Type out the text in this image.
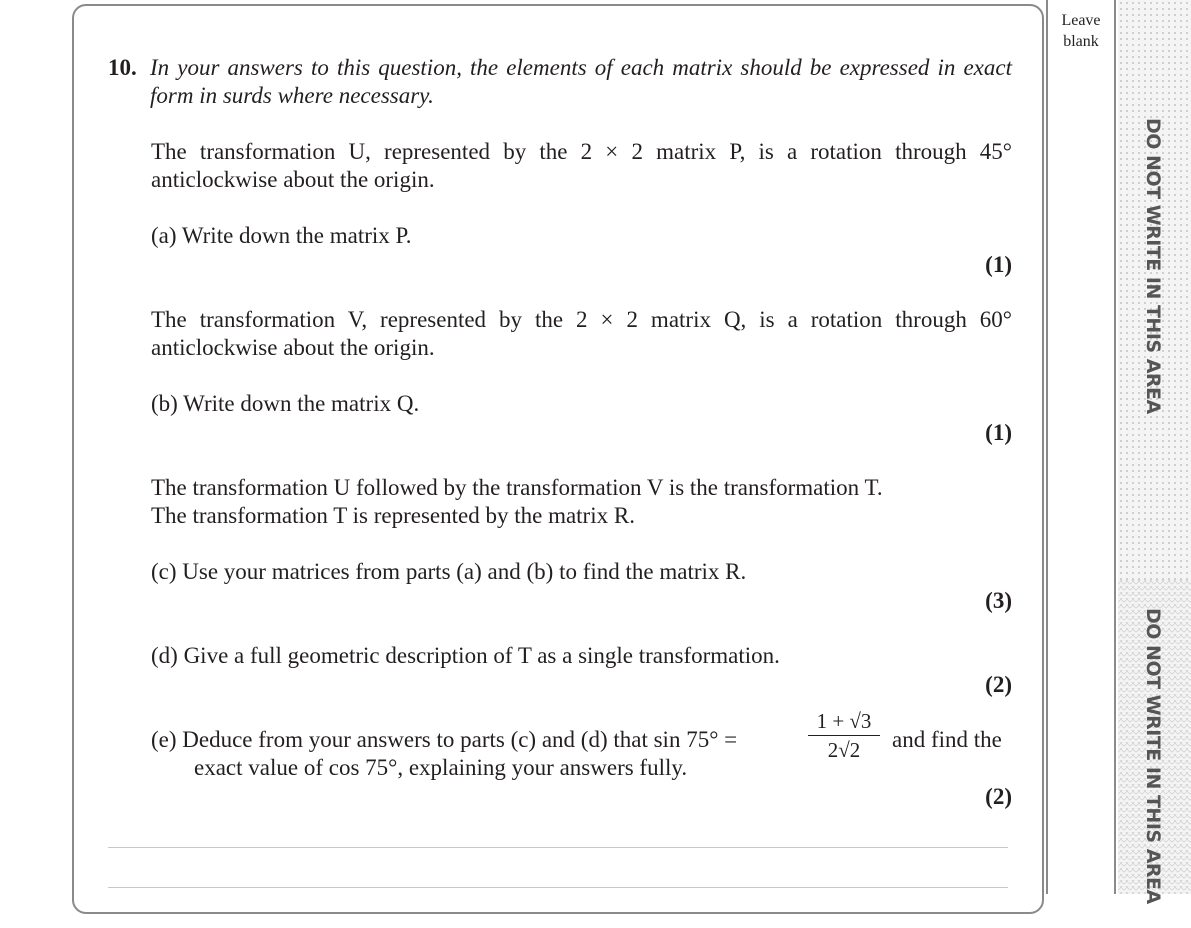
Leave
blank
DO NOT WRITE IN THIS AREA
DO NOT WRITE IN THIS AREA
10. In your answers to this question, the elements of each matrix should be expressed in exact
form in surds where necessary.
The transformation U, represented by the 2 × 2 matrix P, is a rotation through 45°
anticlockwise about the origin.
(a) Write down the matrix P.
(1)
The transformation V, represented by the 2 × 2 matrix Q, is a rotation through 60°
anticlockwise about the origin.
(b) Write down the matrix Q.
(1)
The transformation U followed by the transformation V is the transformation T.
The transformation T is represented by the matrix R.
(c) Use your matrices from parts (a) and (b) to find the matrix R.
(3)
(d) Give a full geometric description of T as a single transformation.
(2)
(e) Deduce from your answers to parts (c) and (d) that sin 75° =	$\frac{1 + √3}{2√2}$ and find the
exact value of cos 75°, explaining your answers fully.
(2)
